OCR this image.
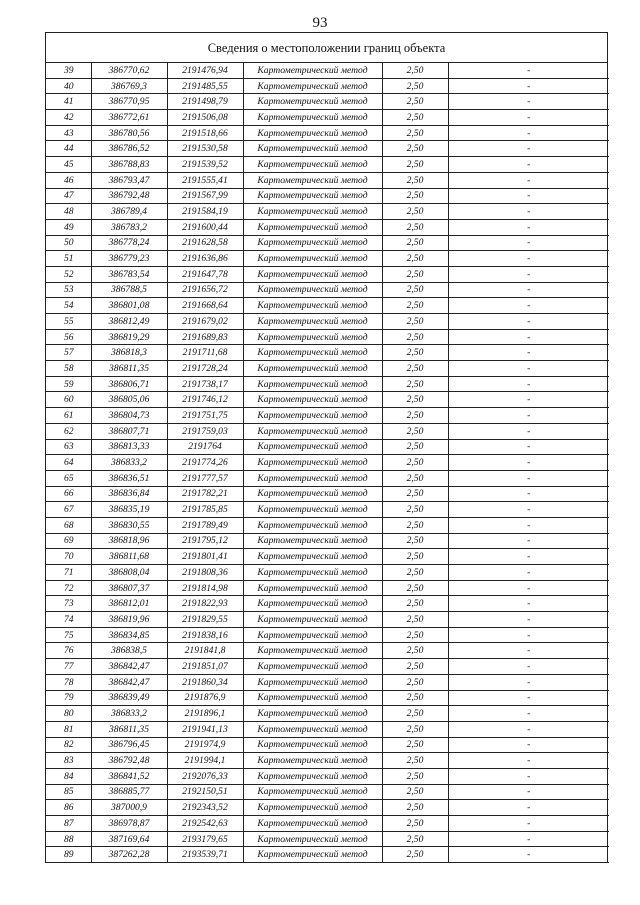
93
Сведения о местоположении границ объекта
39	386770,62	2191476,94	Картометрический метод	2,50	-
40	386769,3	2191485,55	Картометрический метод	2,50	-
41	386770,95	2191498,79	Картометрический метод	2,50	-
42	386772,61	2191506,08	Картометрический метод	2,50	-
43	386780,56	2191518,66	Картометрический метод	2,50	-
44	386786,52	2191530,58	Картометрический метод	2,50	-
45	386788,83	2191539,52	Картометрический метод	2,50	-
46	386793,47	2191555,41	Картометрический метод	2,50	-
47	386792,48	2191567,99	Картометрический метод	2,50	-
48	386789,4	2191584,19	Картометрический метод	2,50	-
49	386783,2	2191600,44	Картометрический метод	2,50	-
50	386778,24	2191628,58	Картометрический метод	2,50	-
51	386779,23	2191636,86	Картометрический метод	2,50	-
52	386783,54	2191647,78	Картометрический метод	2,50	-
53	386788,5	2191656,72	Картометрический метод	2,50	-
54	386801,08	2191668,64	Картометрический метод	2,50	-
55	386812,49	2191679,02	Картометрический метод	2,50	-
56	386819,29	2191689,83	Картометрический метод	2,50	-
57	386818,3	2191711,68	Картометрический метод	2,50	-
58	386811,35	2191728,24	Картометрический метод	2,50	-
59	386806,71	2191738,17	Картометрический метод	2,50	-
60	386805,06	2191746,12	Картометрический метод	2,50	-
61	386804,73	2191751,75	Картометрический метод	2,50	-
62	386807,71	2191759,03	Картометрический метод	2,50	-
63	386813,33	2191764	Картометрический метод	2,50	-
64	386833,2	2191774,26	Картометрический метод	2,50	-
65	386836,51	2191777,57	Картометрический метод	2,50	-
66	386836,84	2191782,21	Картометрический метод	2,50	-
67	386835,19	2191785,85	Картометрический метод	2,50	-
68	386830,55	2191789,49	Картометрический метод	2,50	-
69	386818,96	2191795,12	Картометрический метод	2,50	-
70	386811,68	2191801,41	Картометрический метод	2,50	-
71	386808,04	2191808,36	Картометрический метод	2,50	-
72	386807,37	2191814,98	Картометрический метод	2,50	-
73	386812,01	2191822,93	Картометрический метод	2,50	-
74	386819,96	2191829,55	Картометрический метод	2,50	-
75	386834,85	2191838,16	Картометрический метод	2,50	-
76	386838,5	2191841,8	Картометрический метод	2,50	-
77	386842,47	2191851,07	Картометрический метод	2,50	-
78	386842,47	2191860,34	Картометрический метод	2,50	-
79	386839,49	2191876,9	Картометрический метод	2,50	-
80	386833,2	2191896,1	Картометрический метод	2,50	-
81	386811,35	2191941,13	Картометрический метод	2,50	-
82	386796,45	2191974,9	Картометрический метод	2,50	-
83	386792,48	2191994,1	Картометрический метод	2,50	-
84	386841,52	2192076,33	Картометрический метод	2,50	-
85	386885,77	2192150,51	Картометрический метод	2,50	-
86	387000,9	2192343,52	Картометрический метод	2,50	-
87	386978,87	2192542,63	Картометрический метод	2,50	-
88	387169,64	2193179,65	Картометрический метод	2,50	-
89	387262,28	2193539,71	Картометрический метод	2,50	-
